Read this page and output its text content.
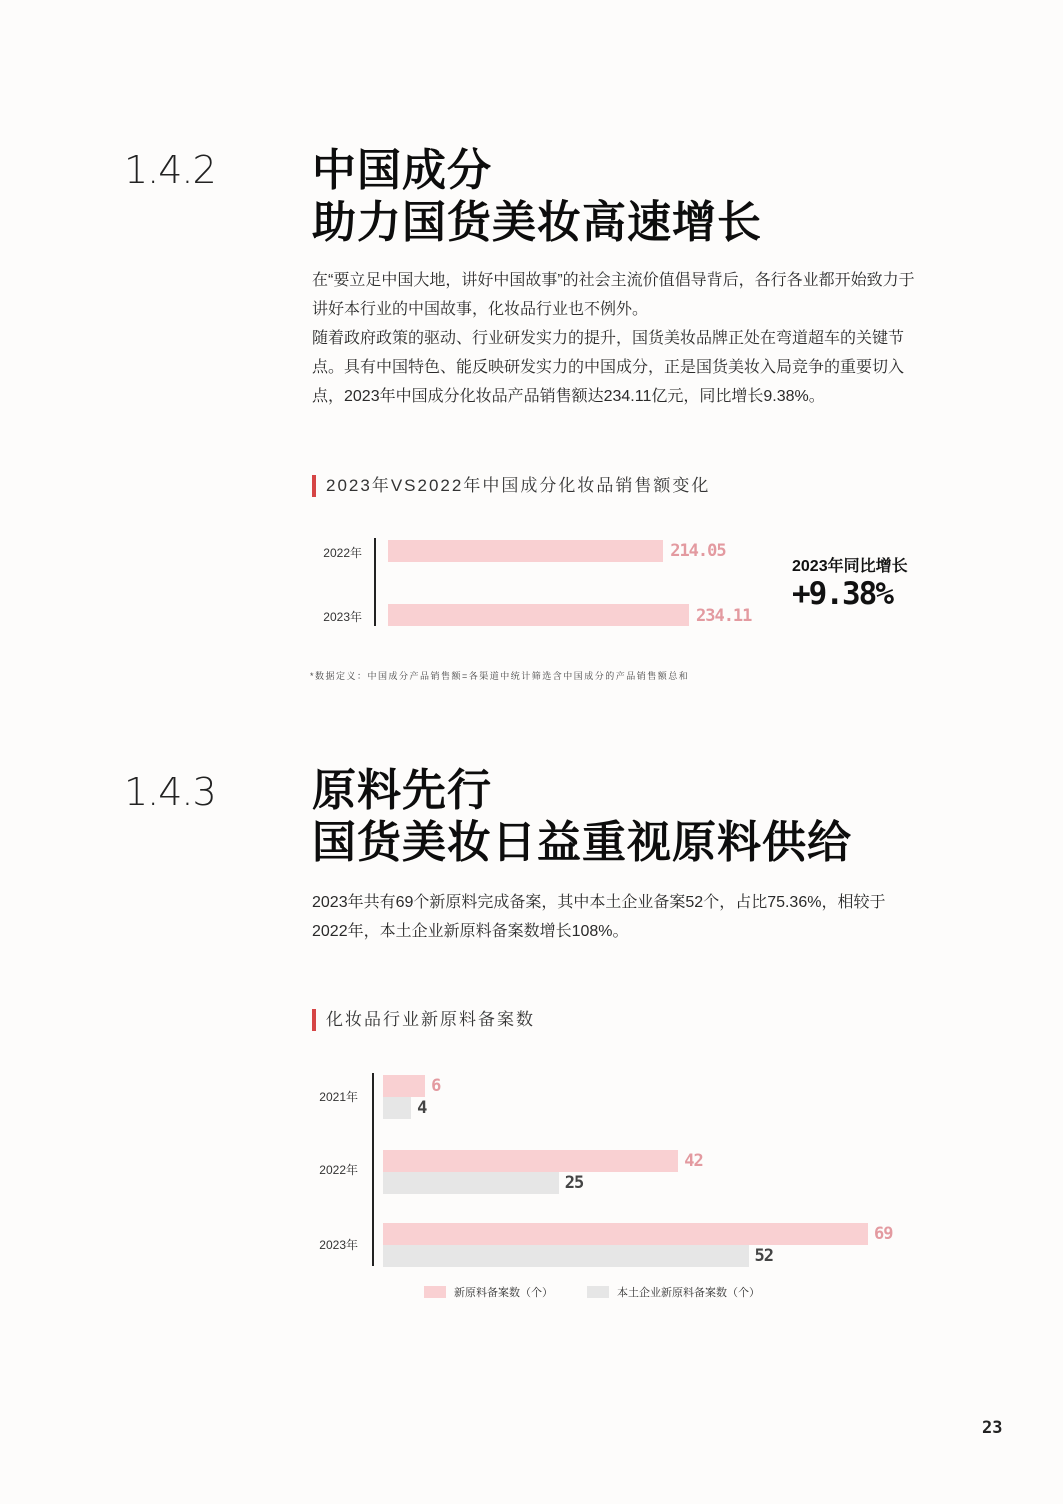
1.4.2 中国成分
助力国货美妆高速增长

在“要立足中国大地，讲好中国故事”的社会主流价值倡导背后，各行各业都开始致力于讲好本行业的中国故事，化妆品行业也不例外。

随着政府政策的驱动、行业研发实力的提升，国货美妆品牌正处在弯道超车的关键节点。具有中国特色、能反映研发实力的中国成分，正是国货美妆入局竞争的重要切入点，2023年中国成分化妆品产品销售额达234.11亿元，同比增长9.38%。

2023年VS2022年中国成分化妆品销售额变化
2022年
2023年
214.05
234.11
2023年同比增长
+9.38%
*数据定义：中国成分产品销售额=各渠道中统计筛选含中国成分的产品销售额总和
1.4.3 原料先行
国货美妆日益重视原料供给

2023年共有69个新原料完成备案，其中本土企业备案52个，占比75.36%，相较于2022年，本土企业新原料备案数增长108%。

化妆品行业新原料备案数
2021年
2022年
2023年
6
42
69
4
25
52
新原料备案数（个）	本土企业新原料备案数（个）
23
